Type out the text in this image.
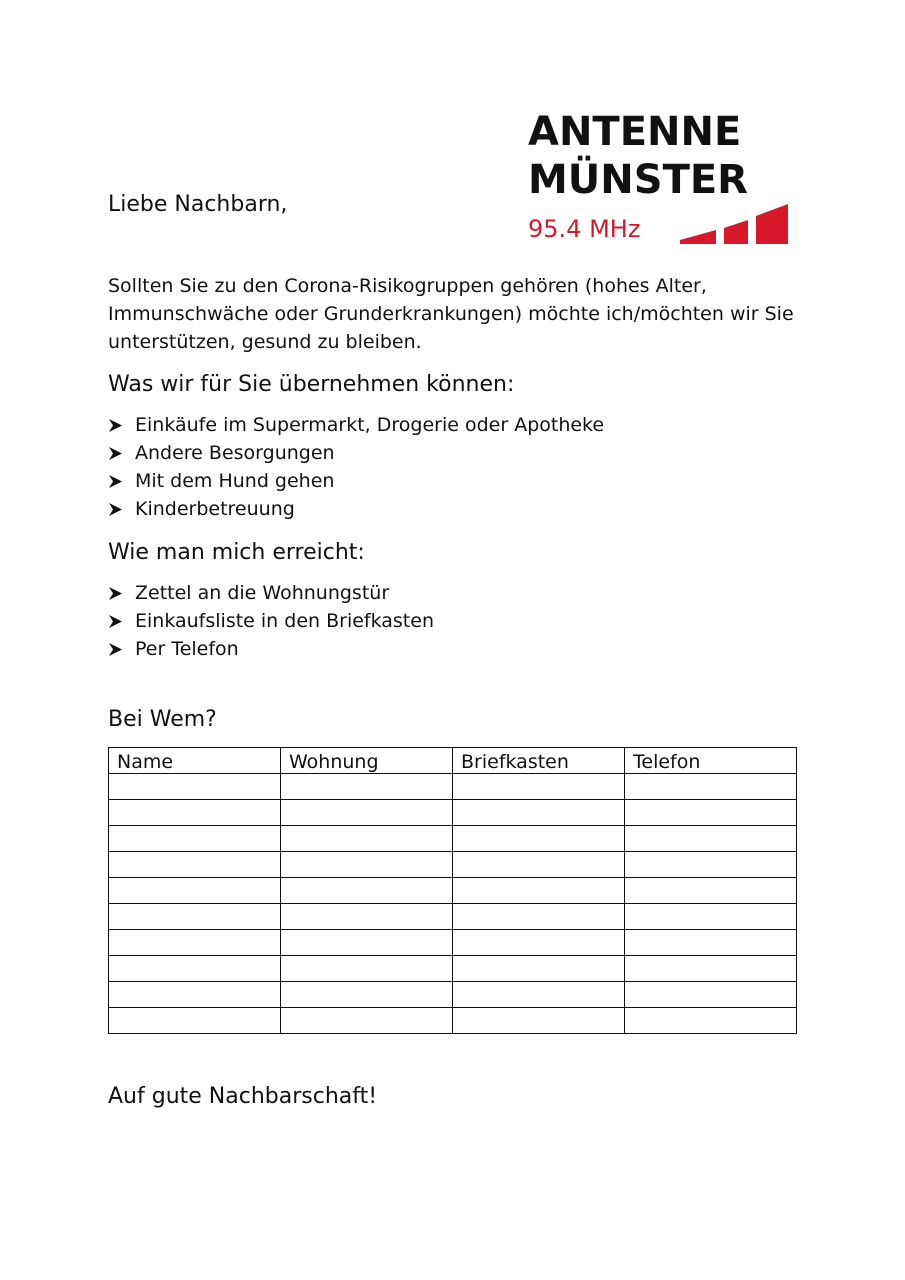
ANTENNE
MÜNSTER
95.4 MHz
Liebe Nachbarn,
Sollten Sie zu den Corona-Risikogruppen gehören (hohes Alter, Immunschwäche oder Grunderkrankungen) möchte ich/möchten wir Sie unterstützen, gesund zu bleiben.
Was wir für Sie übernehmen können:
Einkäufe im Supermarkt, Drogerie oder Apotheke
Andere Besorgungen
Mit dem Hund gehen
Kinderbetreuung
Wie man mich erreicht:
Zettel an die Wohnungstür
Einkaufsliste in den Briefkasten
Per Telefon
Bei Wem?
Name	Wohnung	Briefkasten	Telefon

Auf gute Nachbarschaft!
